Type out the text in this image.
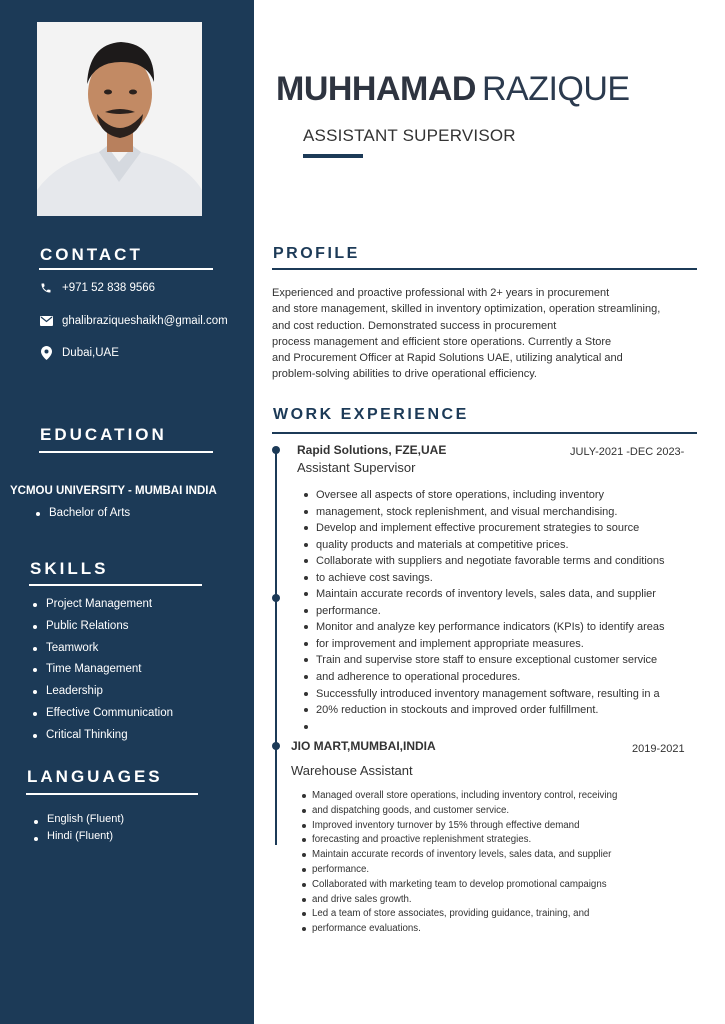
CONTACT
+971 52 838 9566
ghalibraziqueshaikh@gmail.com
Dubai,UAE
EDUCATION
YCMOU UNIVERSITY - MUMBAI INDIA
Bachelor of Arts
SKILLS
Project Management
Public Relations
Teamwork
Time Management
Leadership
Effective Communication
Critical Thinking
LANGUAGES
English (Fluent)
Hindi (Fluent)
MUHHAMAD RAZIQUE
ASSISTANT SUPERVISOR
PROFILE
Experienced and proactive professional with 2+ years in procurement
and store management, skilled in inventory optimization, operation streamlining,
and cost reduction. Demonstrated success in procurement
process management and efficient store operations. Currently a Store
and Procurement Officer at Rapid Solutions UAE, utilizing analytical and
problem-solving abilities to drive operational efficiency.
WORK EXPERIENCE
Rapid Solutions, FZE,UAE	JULY-2021 -DEC 2023-
Assistant Supervisor
Oversee all aspects of store operations, including inventory
management, stock replenishment, and visual merchandising.
Develop and implement effective procurement strategies to source
quality products and materials at competitive prices.
Collaborate with suppliers and negotiate favorable terms and conditions
to achieve cost savings.
Maintain accurate records of inventory levels, sales data, and supplier
performance.
Monitor and analyze key performance indicators (KPIs) to identify areas
for improvement and implement appropriate measures.
Train and supervise store staff to ensure exceptional customer service
and adherence to operational procedures.
Successfully introduced inventory management software, resulting in a
20% reduction in stockouts and improved order fulfillment.
JIO MART,MUMBAI,INDIA	2019-2021
Warehouse Assistant
Managed overall store operations, including inventory control, receiving
and dispatching goods, and customer service.
Improved inventory turnover by 15% through effective demand
forecasting and proactive replenishment strategies.
Maintain accurate records of inventory levels, sales data, and supplier
performance.
Collaborated with marketing team to develop promotional campaigns
and drive sales growth.
Led a team of store associates, providing guidance, training, and
performance evaluations.
